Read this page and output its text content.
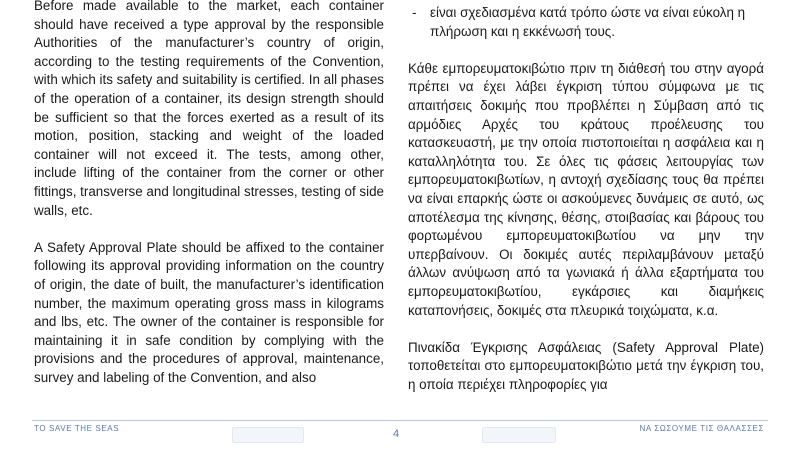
Before made available to the market, each container should have received a type approval by the responsible Authorities of the manufacturer’s country of origin, according to the testing requirements of the Convention, with which its safety and suitability is certified. In all phases of the operation of a container, its design strength should be sufficient so that the forces exerted as a result of its motion, position, stacking and weight of the loaded container will not exceed it. The tests, among other, include lifting of the container from the corner or other fittings, transverse and longitudinal stresses, testing of side walls, etc.

A Safety Approval Plate should be affixed to the container following its approval providing information on the country of origin, the date of built, the manufacturer’s identification number, the maximum operating gross mass in kilograms and lbs, etc. The owner of the container is responsible for maintaining it in safe condition by complying with the provisions and the procedures of approval, maintenance, survey and labeling of the Convention, and also

-	είναι σχεδιασμένα κατά τρόπο ώστε να είναι εύκολη η πλήρωση και η εκκένωσή τους.

Κάθε εμπορευματοκιβώτιο πριν τη διάθεσή του στην αγορά πρέπει να έχει λάβει έγκριση τύπου σύμφωνα με τις απαιτήσεις δοκιμής που προβλέπει η Σύμβαση από τις αρμόδιες Αρχές του κράτους προέλευσης του κατασκευαστή, με την οποία πιστοποιείται η ασφάλεια και η καταλληλότητα του. Σε όλες τις φάσεις λειτουργίας των εμπορευματοκιβωτίων, η αντοχή σχεδίασης τους θα πρέπει να είναι επαρκής ώστε οι ασκούμενες δυνάμεις σε αυτό, ως αποτέλεσμα της κίνησης, θέσης, στοιβασίας και βάρους του φορτωμένου εμπορευματοκιβωτίου να μην την υπερβαίνουν. Οι δοκιμές αυτές περιλαμβάνουν μεταξύ άλλων ανύψωση από τα γωνιακά ή άλλα εξαρτήματα του εμπορευματοκιβωτίου, εγκάρσιες και διαμήκεις καταπονήσεις, δοκιμές στα πλευρικά τοιχώματα, κ.α.

Πινακίδα Έγκρισης Ασφάλειας (Safety Approval Plate) τοποθετείται στο εμπορευματοκιβώτιο μετά την έγκριση του, η οποία περιέχει πληροφορίες για

TO SAVE THE SEAS	4	ΝΑ ΣΩΣΟΥΜΕ ΤΙΣ ΘΑΛΑΣΣΕΣ
